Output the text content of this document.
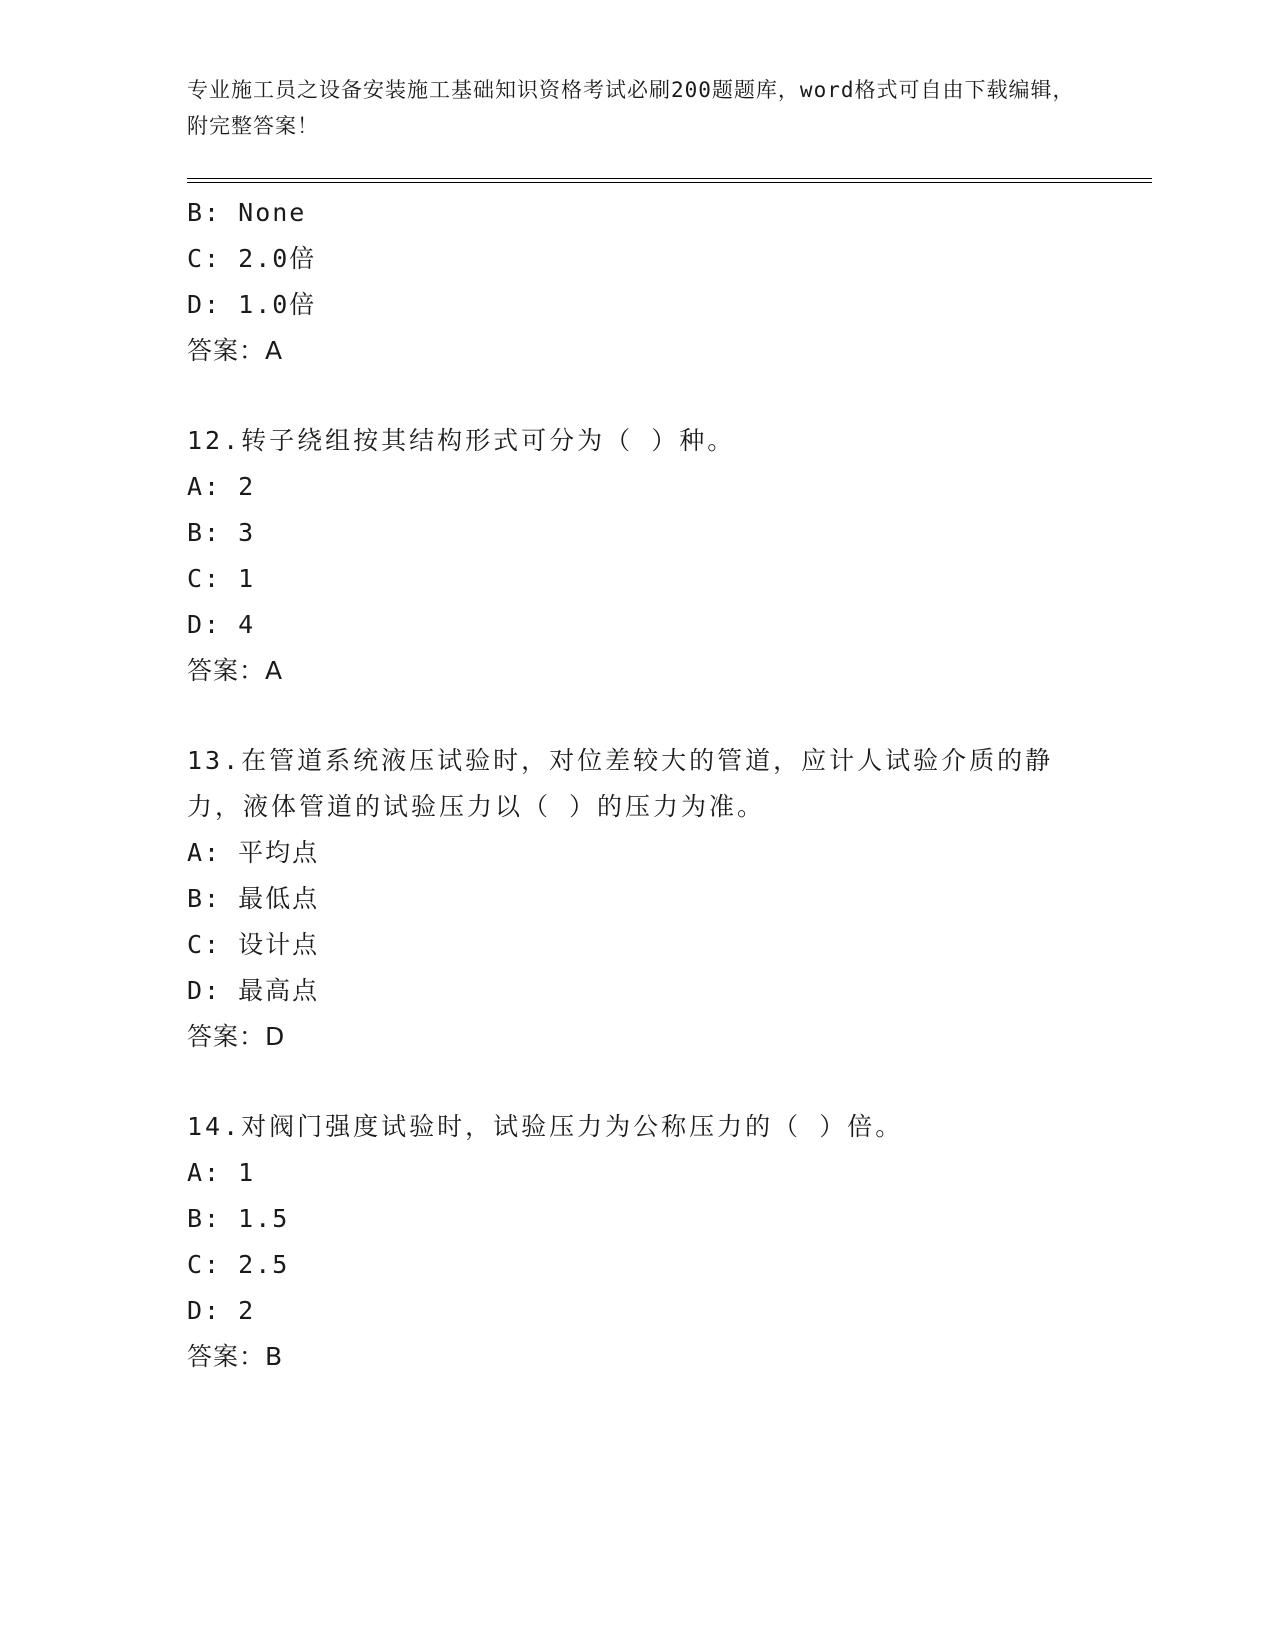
专业施工员之设备安装施工基础知识资格考试必刷200题题库，word格式可自由下载编辑，附完整答案！
B: None
C: 2.0倍
D: 1.0倍
答案：A
12.转子绕组按其结构形式可分为（ ）种。
A: 2
B: 3
C: 1
D: 4
答案：A
13.在管道系统液压试验时，对位差较大的管道，应计人试验介质的静力，液体管道的试验压力以（ ）的压力为准。
A: 平均点
B: 最低点
C: 设计点
D: 最高点
答案：D
14.对阀门强度试验时，试验压力为公称压力的（ ）倍。
A: 1
B: 1.5
C: 2.5
D: 2
答案：B
